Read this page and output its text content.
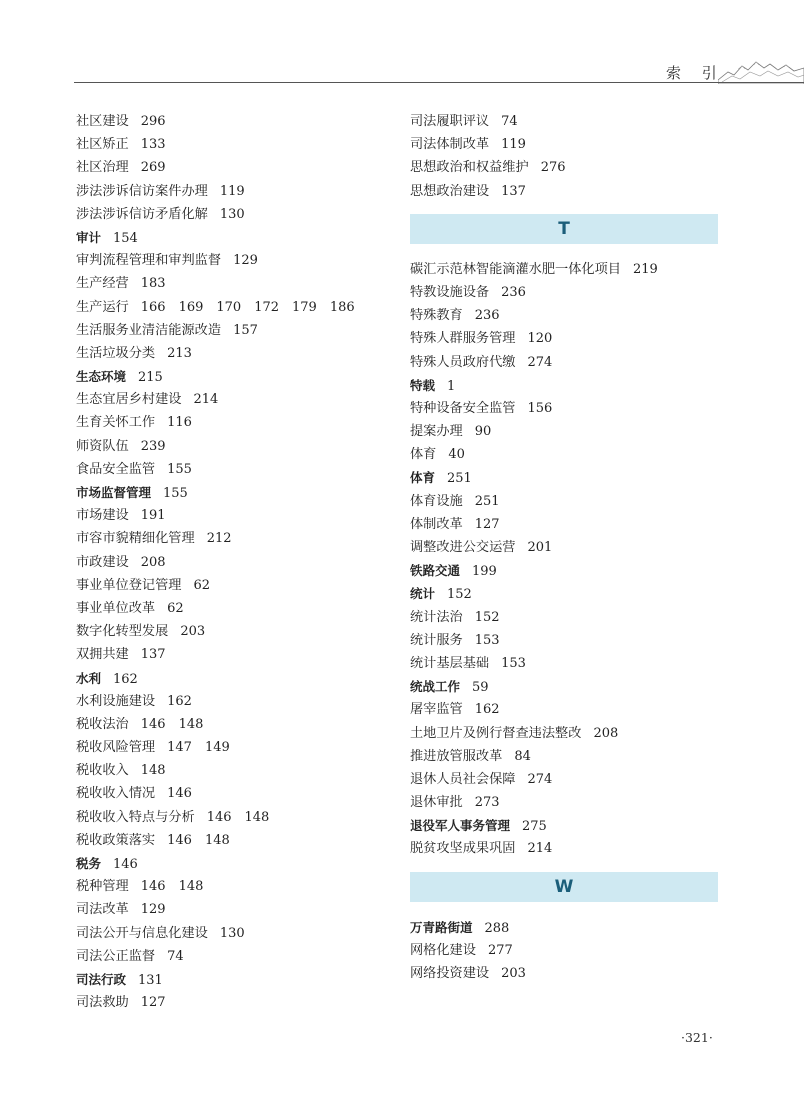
索 引
社区建设 296
社区矫正 133
社区治理 269
涉法涉诉信访案件办理 119
涉法涉诉信访矛盾化解 130
审计 154
审判流程管理和审判监督 129
生产经营 183
生产运行 166　169　170　172　179　186
生活服务业清洁能源改造 157
生活垃圾分类 213
生态环境 215
生态宜居乡村建设 214
生育关怀工作 116
师资队伍 239
食品安全监管 155
市场监督管理 155
市场建设 191
市容市貌精细化管理 212
市政建设 208
事业单位登记管理 62
事业单位改革 62
数字化转型发展 203
双拥共建 137
水利 162
水利设施建设 162
税收法治 146　148
税收风险管理 147　149
税收收入 148
税收收入情况 146
税收收入特点与分析 146　148
税收政策落实 146　148
税务 146
税种管理 146　148
司法改革 129
司法公开与信息化建设 130
司法公正监督 74
司法行政 131
司法救助 127
司法履职评议 74
司法体制改革 119
思想政治和权益维护 276
思想政治建设 137
T
碳汇示范林智能滴灌水肥一体化项目 219
特教设施设备 236
特殊教育 236
特殊人群服务管理 120
特殊人员政府代缴 274
特载 1
特种设备安全监管 156
提案办理 90
体育 40
体育 251
体育设施 251
体制改革 127
调整改进公交运营 201
铁路交通 199
统计 152
统计法治 152
统计服务 153
统计基层基础 153
统战工作 59
屠宰监管 162
土地卫片及例行督查违法整改 208
推进放管服改革 84
退休人员社会保障 274
退休审批 273
退役军人事务管理 275
脱贫攻坚成果巩固 214
W
万青路街道 288
网格化建设 277
网络投资建设 203
·321·
